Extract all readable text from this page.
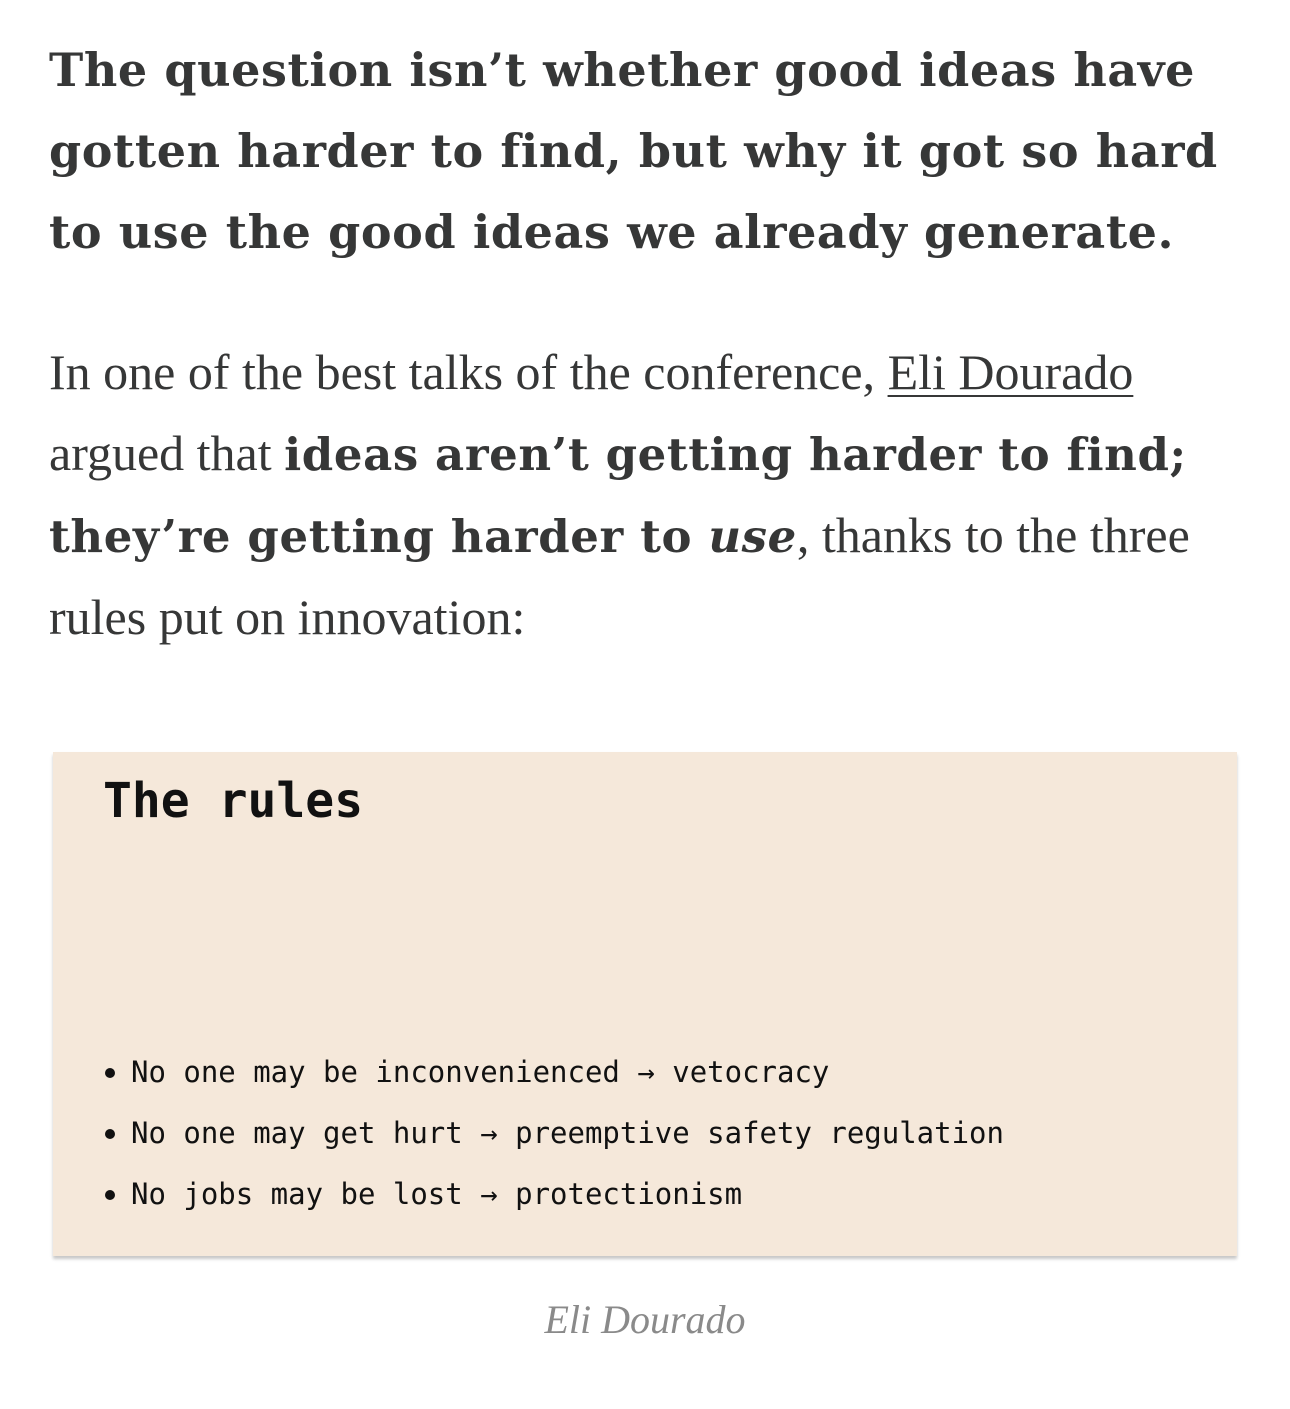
The question isn’t whether good ideas have gotten harder to find, but why it got so hard to use the good ideas we already generate.

In one of the best talks of the conference, Eli Dourado argued that ideas aren’t getting harder to find; they’re getting harder to use, thanks to the three rules put on innovation:

The rules
No one may be inconvenienced → vetocracy
No one may get hurt → preemptive safety regulation
No jobs may be lost → protectionism

Eli Dourado
